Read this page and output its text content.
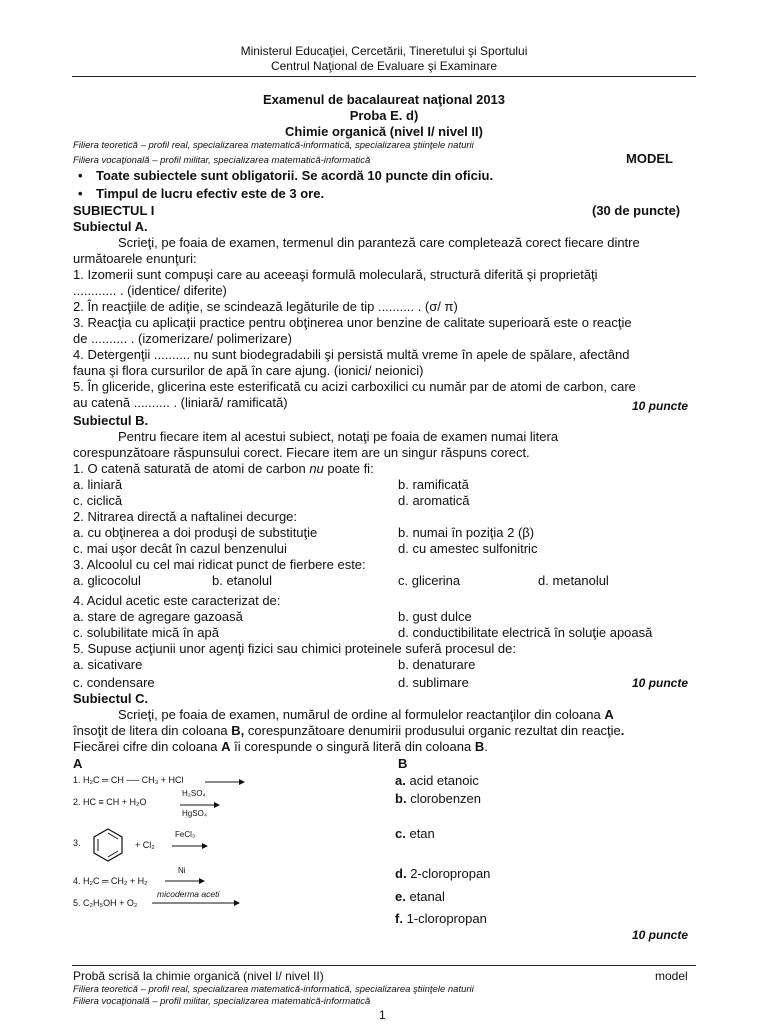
Ministerul Educaţiei, Cercetării, Tineretului şi Sportului
Centrul Naţional de Evaluare şi Examinare
Examenul de bacalaureat naţional 2013
Proba E. d)
Chimie organică (nivel I/ nivel II)
Filiera teoretică – profil real, specializarea matematică-informatică, specializarea ştiinţele naturii
Filiera vocaţională – profil militar, specializarea matematică-informatică	MODEL
• Toate subiectele sunt obligatorii. Se acordă 10 puncte din oficiu.
• Timpul de lucru efectiv este de 3 ore.
SUBIECTUL I	(30 de puncte)
Subiectul A.
Scrieţi, pe foaia de examen, termenul din paranteză care completează corect fiecare dintre
următoarele enunţuri:
1. Izomerii sunt compuşi care au aceeaşi formulă moleculară, structură diferită şi proprietăţi
............ . (identice/ diferite)
2. În reacţiile de adiţie, se scindează legăturile de tip .......... . (σ/ π)
3. Reacţia cu aplicaţii practice pentru obţinerea unor benzine de calitate superioară este o reacţie
de .......... . (izomerizare/ polimerizare)
4. Detergenţii .......... nu sunt biodegradabili şi persistă multă vreme în apele de spălare, afectând
fauna şi flora cursurilor de apă în care ajung. (ionici/ neionici)
5. În gliceride, glicerina este esterificată cu acizi carboxilici cu număr par de atomi de carbon, care
au catenă .......... . (liniară/ ramificată)	10 puncte
Subiectul B.
Pentru fiecare item al acestui subiect, notaţi pe foaia de examen numai litera
corespunzătoare răspunsului corect. Fiecare item are un singur răspuns corect.
1. O catenă saturată de atomi de carbon nu poate fi:
a. liniară	b. ramificată
c. ciclică	d. aromatică
2. Nitrarea directă a naftalinei decurge:
a. cu obţinerea a doi produşi de substituţie	b. numai în poziţia 2 (β)
c. mai uşor decât în cazul benzenului	d. cu amestec sulfonitric
3. Alcoolul cu cel mai ridicat punct de fierbere este:
a. glicocolul	b. etanolul	c. glicerina	d. metanolul
4. Acidul acetic este caracterizat de:
a. stare de agregare gazoasă	b. gust dulce
c. solubilitate mică în apă	d. conductibilitate electrică în soluţie apoasă
5. Supuse acţiunii unor agenţi fizici sau chimici proteinele suferă procesul de:
a. sicativare	b. denaturare
c. condensare	d. sublimare	10 puncte
Subiectul C.
Scrieţi, pe foaia de examen, numărul de ordine al formulelor reactanţilor din coloana A
însoţit de litera din coloana B, corespunzătoare denumirii produsului organic rezultat din reacţie.
Fiecărei cifre din coloana A îi corespunde o singură literă din coloana B.
A	B
1. H₂C ═ CH ── CH₃ + HCl
2. HC ≡ CH + H₂O
H₂SO₄
HgSO₄
3.	+ Cl₂
FeCl₃
4. H₂C ═ CH₂ + H₂
Ni
5. C₂H₅OH + O₂
micoderma aceti
a. acid etanoic
b. clorobenzen
c. etan
d. 2-cloropropan
e. etanal
f. 1-cloropropan
10 puncte
Probă scrisă la chimie organică (nivel I/ nivel II)	model
Filiera teoretică – profil real, specializarea matematică-informatică, specializarea ştiinţele naturii
Filiera vocaţională – profil militar, specializarea matematică-informatică
1
